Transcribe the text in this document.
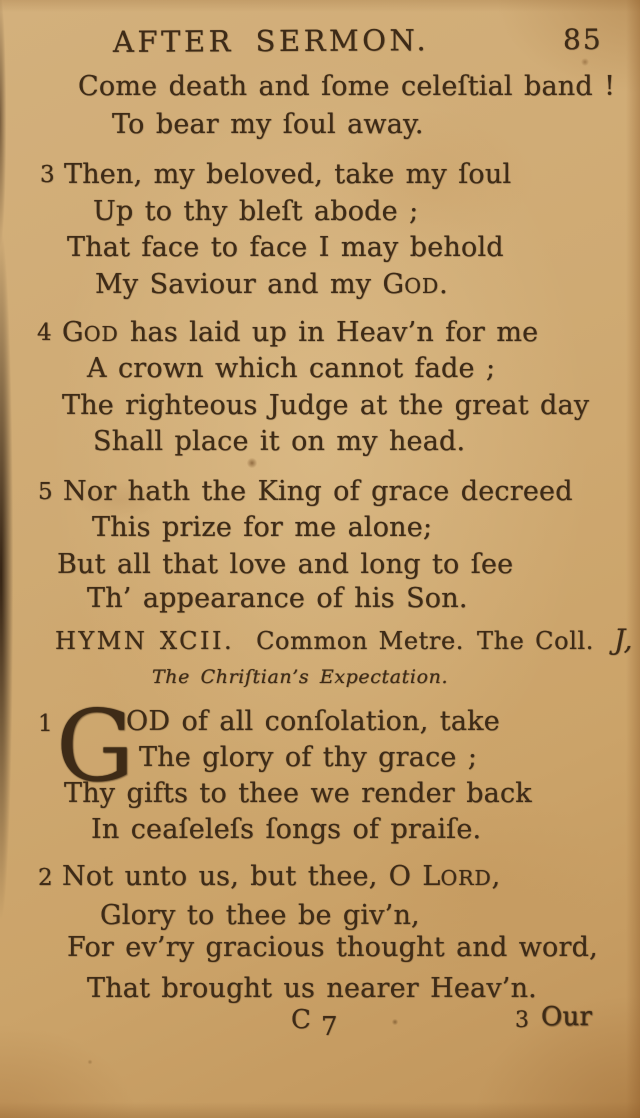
AFTER SERMON.	85
Come death and ſome celeſtial band !
To bear my ſoul away.
3 Then, my beloved, take my ſoul
Up to thy bleſt abode ;
That face to face I may behold
My Saviour and my GOD.
4 GOD has laid up in Heav’n for me
A crown which cannot fade ;
The righteous Judge at the great day
Shall place it on my head.
5 Nor hath the King of grace decreed
This prize for me alone;
But all that love and long to ſee
Th’ appearance of his Son.
HYMN XCII. Common Metre. The Coll. J,
The Chriſtian’s Expectation.
1 G
OD of all conſolation, take
The glory of thy grace ;
Thy gifts to thee we render back
In ceaſeleſs ſongs of praiſe.
2 Not unto us, but thee, O LORD,
Glory to thee be giv’n,
For ev’ry gracious thought and word,
That brought us nearer Heav’n.
C 7	3 Our
